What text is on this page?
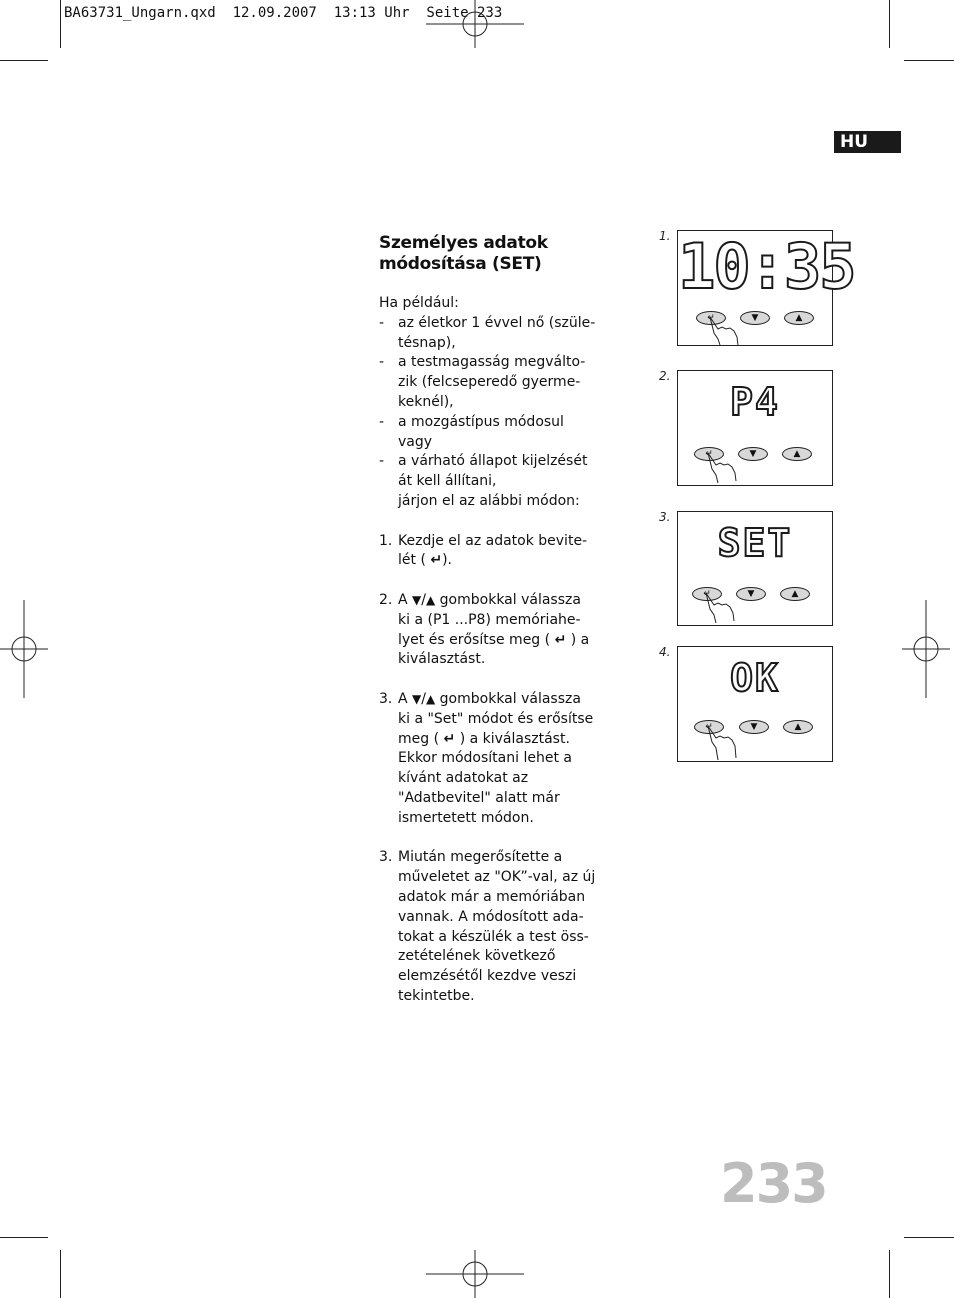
BA63731_Ungarn.qxd  12.09.2007  13:13 Uhr  Seite 233
HU
Személyes adatok
módosítása (SET)
Ha például:
- az életkor 1 évvel nő (szüle-
tésnap),
- a testmagasság megválto-
zik (felcseperedő gyerme-
keknél),
- a mozgástípus módosul
vagy
- a várható állapot kijelzését
át kell állítani,
járjon el az alábbi módon:
1. Kezdje el az adatok bevite-
lét ( ↵).
2. A ▼/▲ gombokkal válassza
ki a (P1 ...P8) memóriahe-
lyet és erősítse meg ( ↵ ) a
kiválasztást.
3. A ▼/▲ gombokkal válassza
ki a "Set" módot és erősítse
meg ( ↵ ) a kiválasztást.
Ekkor módosítani lehet a
kívánt adatokat az
"Adatbevitel" alatt már
ismertetett módon.
3. Miután megerősítette a
műveletet az "OK”-val, az új
adatok már a memóriában
vannak. A módosított ada-
tokat a készülék a test öss-
zetételének következő
elemzésétől kezdve veszi
tekintetbe.
1.
2.
3.
4.
10:35
↵	▼	▲
P4
↵	▼	▲
SET
↵	▼	▲
OK
↵	▼	▲
233
